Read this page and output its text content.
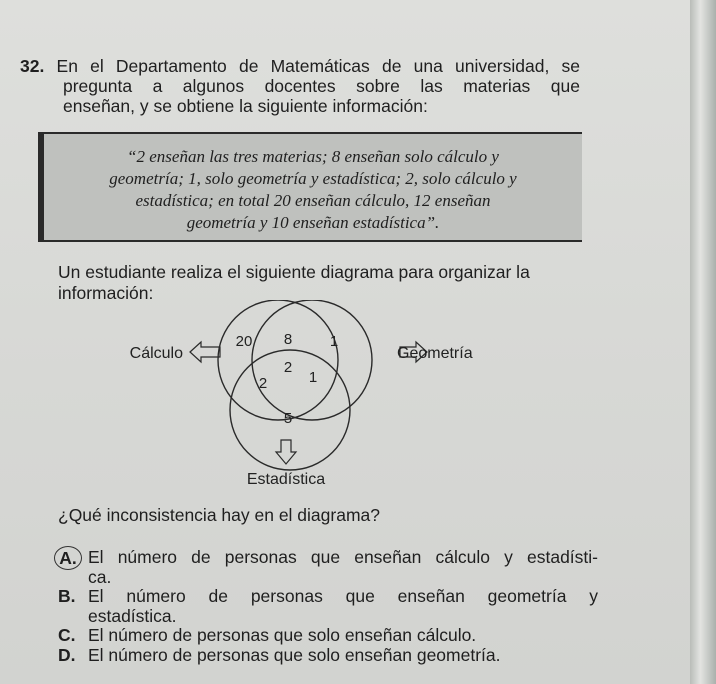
32. En el Departamento de Matemáticas de una universidad, se
pregunta a algunos docentes sobre las materias que
enseñan, y se obtiene la siguiente información:
“2 enseñan las tres materias; 8 enseñan solo cálculo y
geometría; 1, solo geometría y estadística; 2, solo cálculo y
estadística; en total 20 enseñan cálculo, 12 enseñan
geometría y 10 enseñan estadística”.
Un estudiante realiza el siguiente diagrama para organizar la
información:
Cálculo	Geometría
Estadística
20 8	1
2
2	1
5
¿Qué inconsistencia hay en el diagrama?
A. El número de personas que enseñan cálculo y estadísti-
ca.
B. El número de personas que enseñan geometría y
estadística.
C. El número de personas que solo enseñan cálculo.
D. El número de personas que solo enseñan geometría.
